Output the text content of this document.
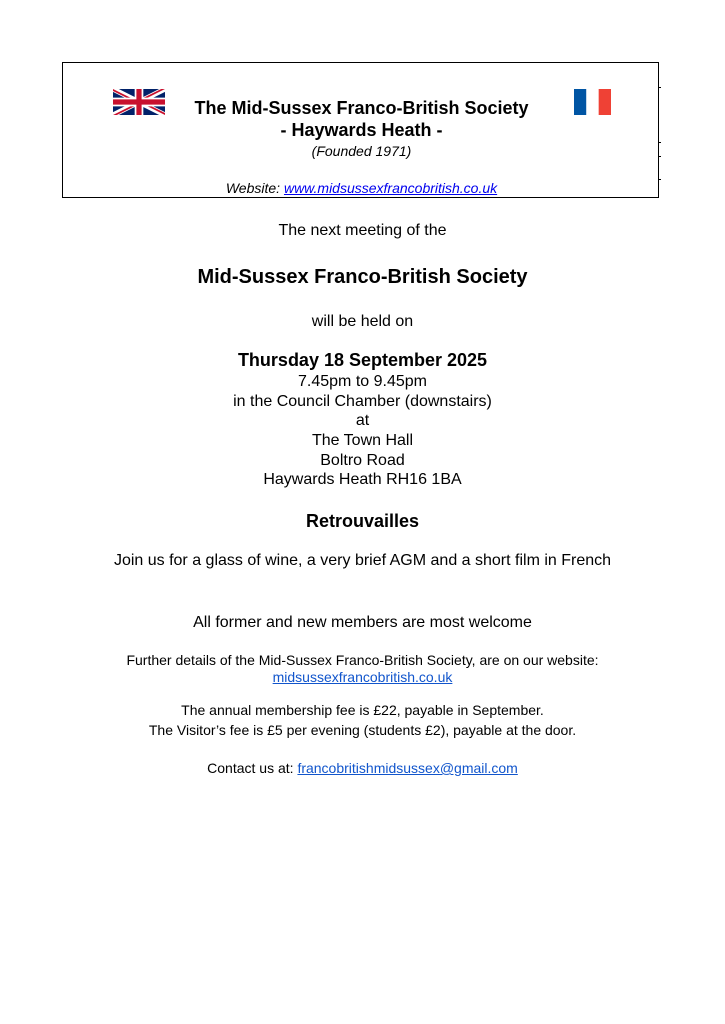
The Mid-Sussex Franco-British Society
- Haywards Heath -
(Founded 1971)
Website: www.midsussexfrancobritish.co.uk
The next meeting of the
Mid-Sussex Franco-British Society
will be held on
Thursday 18 September 2025
7.45pm to 9.45pm
in the Council Chamber (downstairs)
at
The Town Hall
Boltro Road
Haywards Heath RH16 1BA
Retrouvailles
Join us for a glass of wine, a very brief AGM and a short film in French
All former and new members are most welcome
Further details of the Mid-Sussex Franco-British Society, are on our website:
midsussexfrancobritish.co.uk
The annual membership fee is £22, payable in September.
The Visitor’s fee is £5 per evening (students £2), payable at the door.
Contact us at: francobritishmidsussex@gmail.com
